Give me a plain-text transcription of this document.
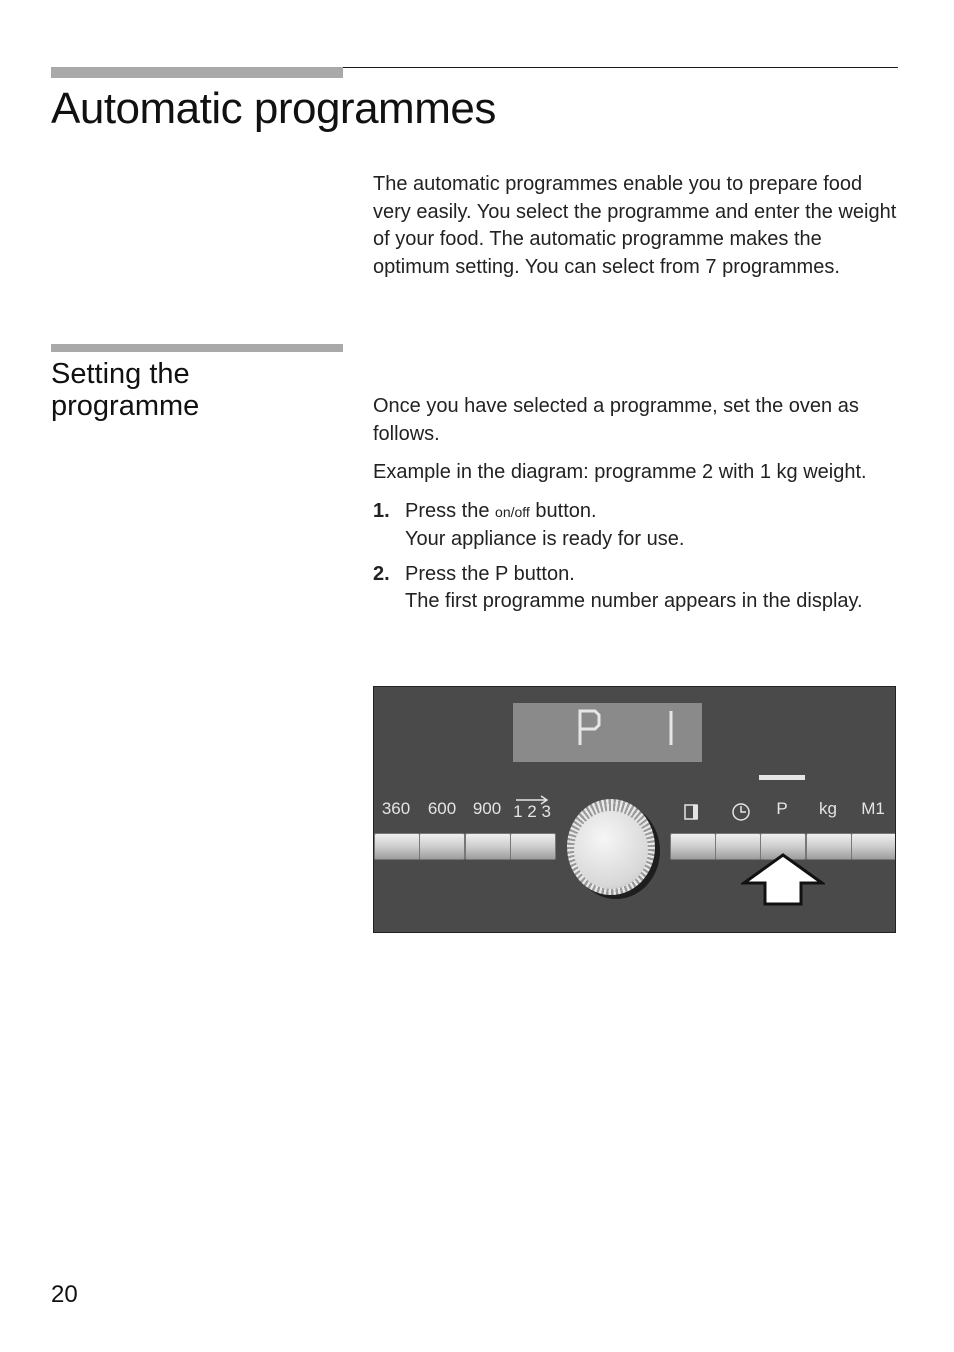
Automatic programmes

The automatic programmes enable you to prepare food very easily. You select the programme and enter the weight of your food. The automatic programme makes the optimum setting. You can select from 7 programmes.

Setting the programme	Once you have selected a programme, set the oven as follows.

Example in the diagram: programme 2 with 1 kg weight.

1. Press the on/off button.
Your appliance is ready for use.
2. Press the P button.
The first programme number appears in the display.
360	600 900 1 2 3	P	kg	M1

20
